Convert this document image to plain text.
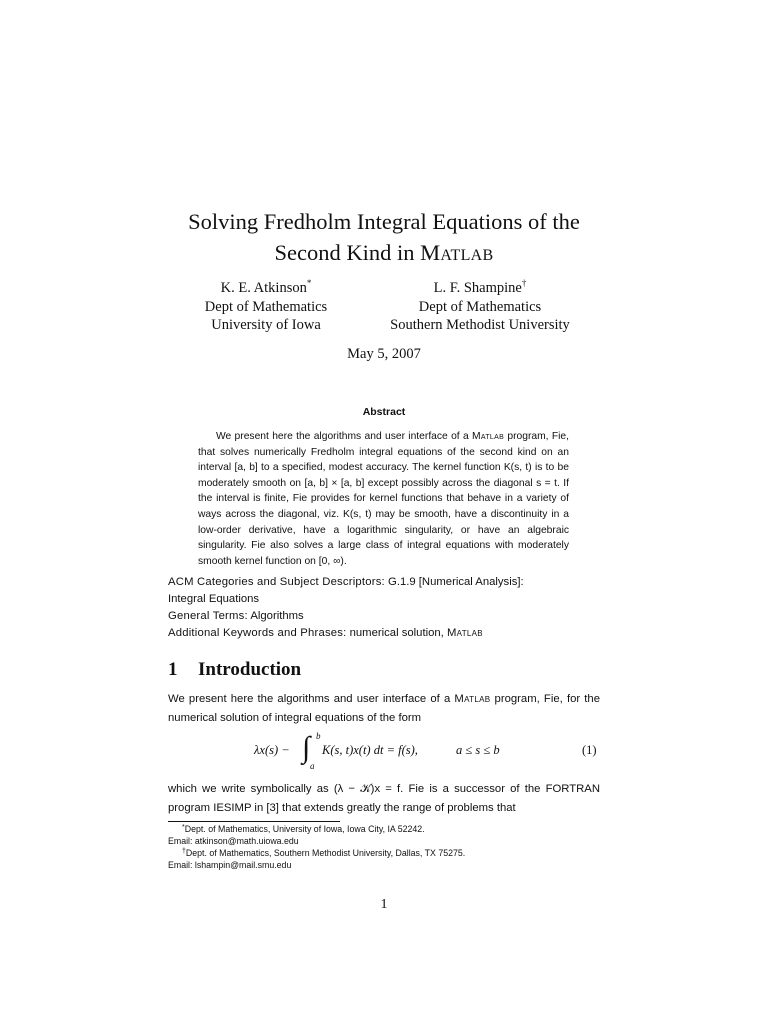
Solving Fredholm Integral Equations of the
Second Kind in Matlab
K. E. Atkinson*
Dept of Mathematics
University of Iowa
L. F. Shampine†
Dept of Mathematics
Southern Methodist University
May 5, 2007
Abstract
We present here the algorithms and user interface of a Matlab program, Fie, that solves numerically Fredholm integral equations of the second kind on an interval [a, b] to a specified, modest accuracy. The kernel function K(s, t) is to be moderately smooth on [a, b] × [a, b] except possibly across the diagonal s = t. If the interval is finite, Fie provides for kernel functions that behave in a variety of ways across the diagonal, viz. K(s, t) may be smooth, have a discontinuity in a low-order derivative, have a logarithmic singularity, or have an algebraic singularity. Fie also solves a large class of integral equations with moderately smooth kernel function on [0, ∞).
ACM Categories and Subject Descriptors: G.1.9 [Numerical Analysis]:
Integral Equations
General Terms: Algorithms
Additional Keywords and Phrases: numerical solution, Matlab
1 Introduction
We present here the algorithms and user interface of a Matlab program, Fie, for the numerical solution of integral equations of the form
λx(s) − ∫ b
a
K(s, t)x(t) dt = f(s),	a ≤ s ≤ b	(1)
which we write symbolically as (λ − 𝒦)x = f. Fie is a successor of the FORTRAN program IESIMP in [3] that extends greatly the range of problems that
*Dept. of Mathematics, University of Iowa, Iowa City, IA 52242.
Email: atkinson@math.uiowa.edu
†Dept. of Mathematics, Southern Methodist University, Dallas, TX 75275.
Email: lshampin@mail.smu.edu
1
